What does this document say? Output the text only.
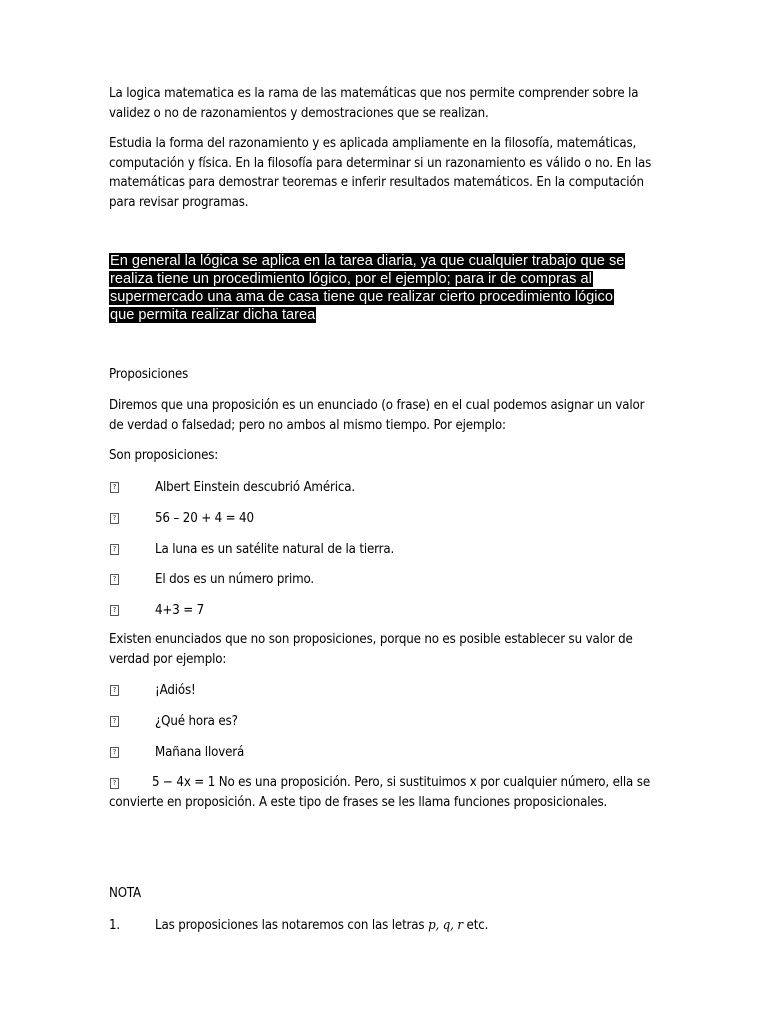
La logica matematica es la rama de las matemáticas que nos permite comprender sobre la validez o no de razonamientos y demostraciones que se realizan.

Estudia la forma del razonamiento y es aplicada ampliamente en la filosofía, matemáticas, computación y física. En la filosofía para determinar si un razonamiento es válido o no. En las matemáticas para demostrar teoremas e inferir resultados matemáticos. En la computación para revisar programas.

En general la lógica se aplica en la tarea diaria, ya que cualquier trabajo que se realiza tiene un procedimiento lógico, por el ejemplo; para ir de compras al supermercado una ama de casa tiene que realizar cierto procedimiento lógico que permita realizar dicha tarea

Proposiciones

Diremos que una proposición es un enunciado (o frase) en el cual podemos asignar un valor de verdad o falsedad; pero no ambos al mismo tiempo. Por ejemplo:

Son proposiciones:

?	Albert Einstein descubrió América.

?	56 – 20 + 4 = 40

?	La luna es un satélite natural de la tierra.

?	El dos es un número primo.

?	4+3 = 7

Existen enunciados que no son proposiciones, porque no es posible establecer su valor de verdad por ejemplo:

?	¡Adiós!

?	¿Qué hora es?

?	Mañana lloverá

?	5 − 4x = 1 No es una proposición. Pero, si sustituimos x por cualquier número, ella se convierte en proposición. A este tipo de frases se les llama funciones proposicionales.

NOTA

1.	Las proposiciones las notaremos con las letras p, q, r etc.
